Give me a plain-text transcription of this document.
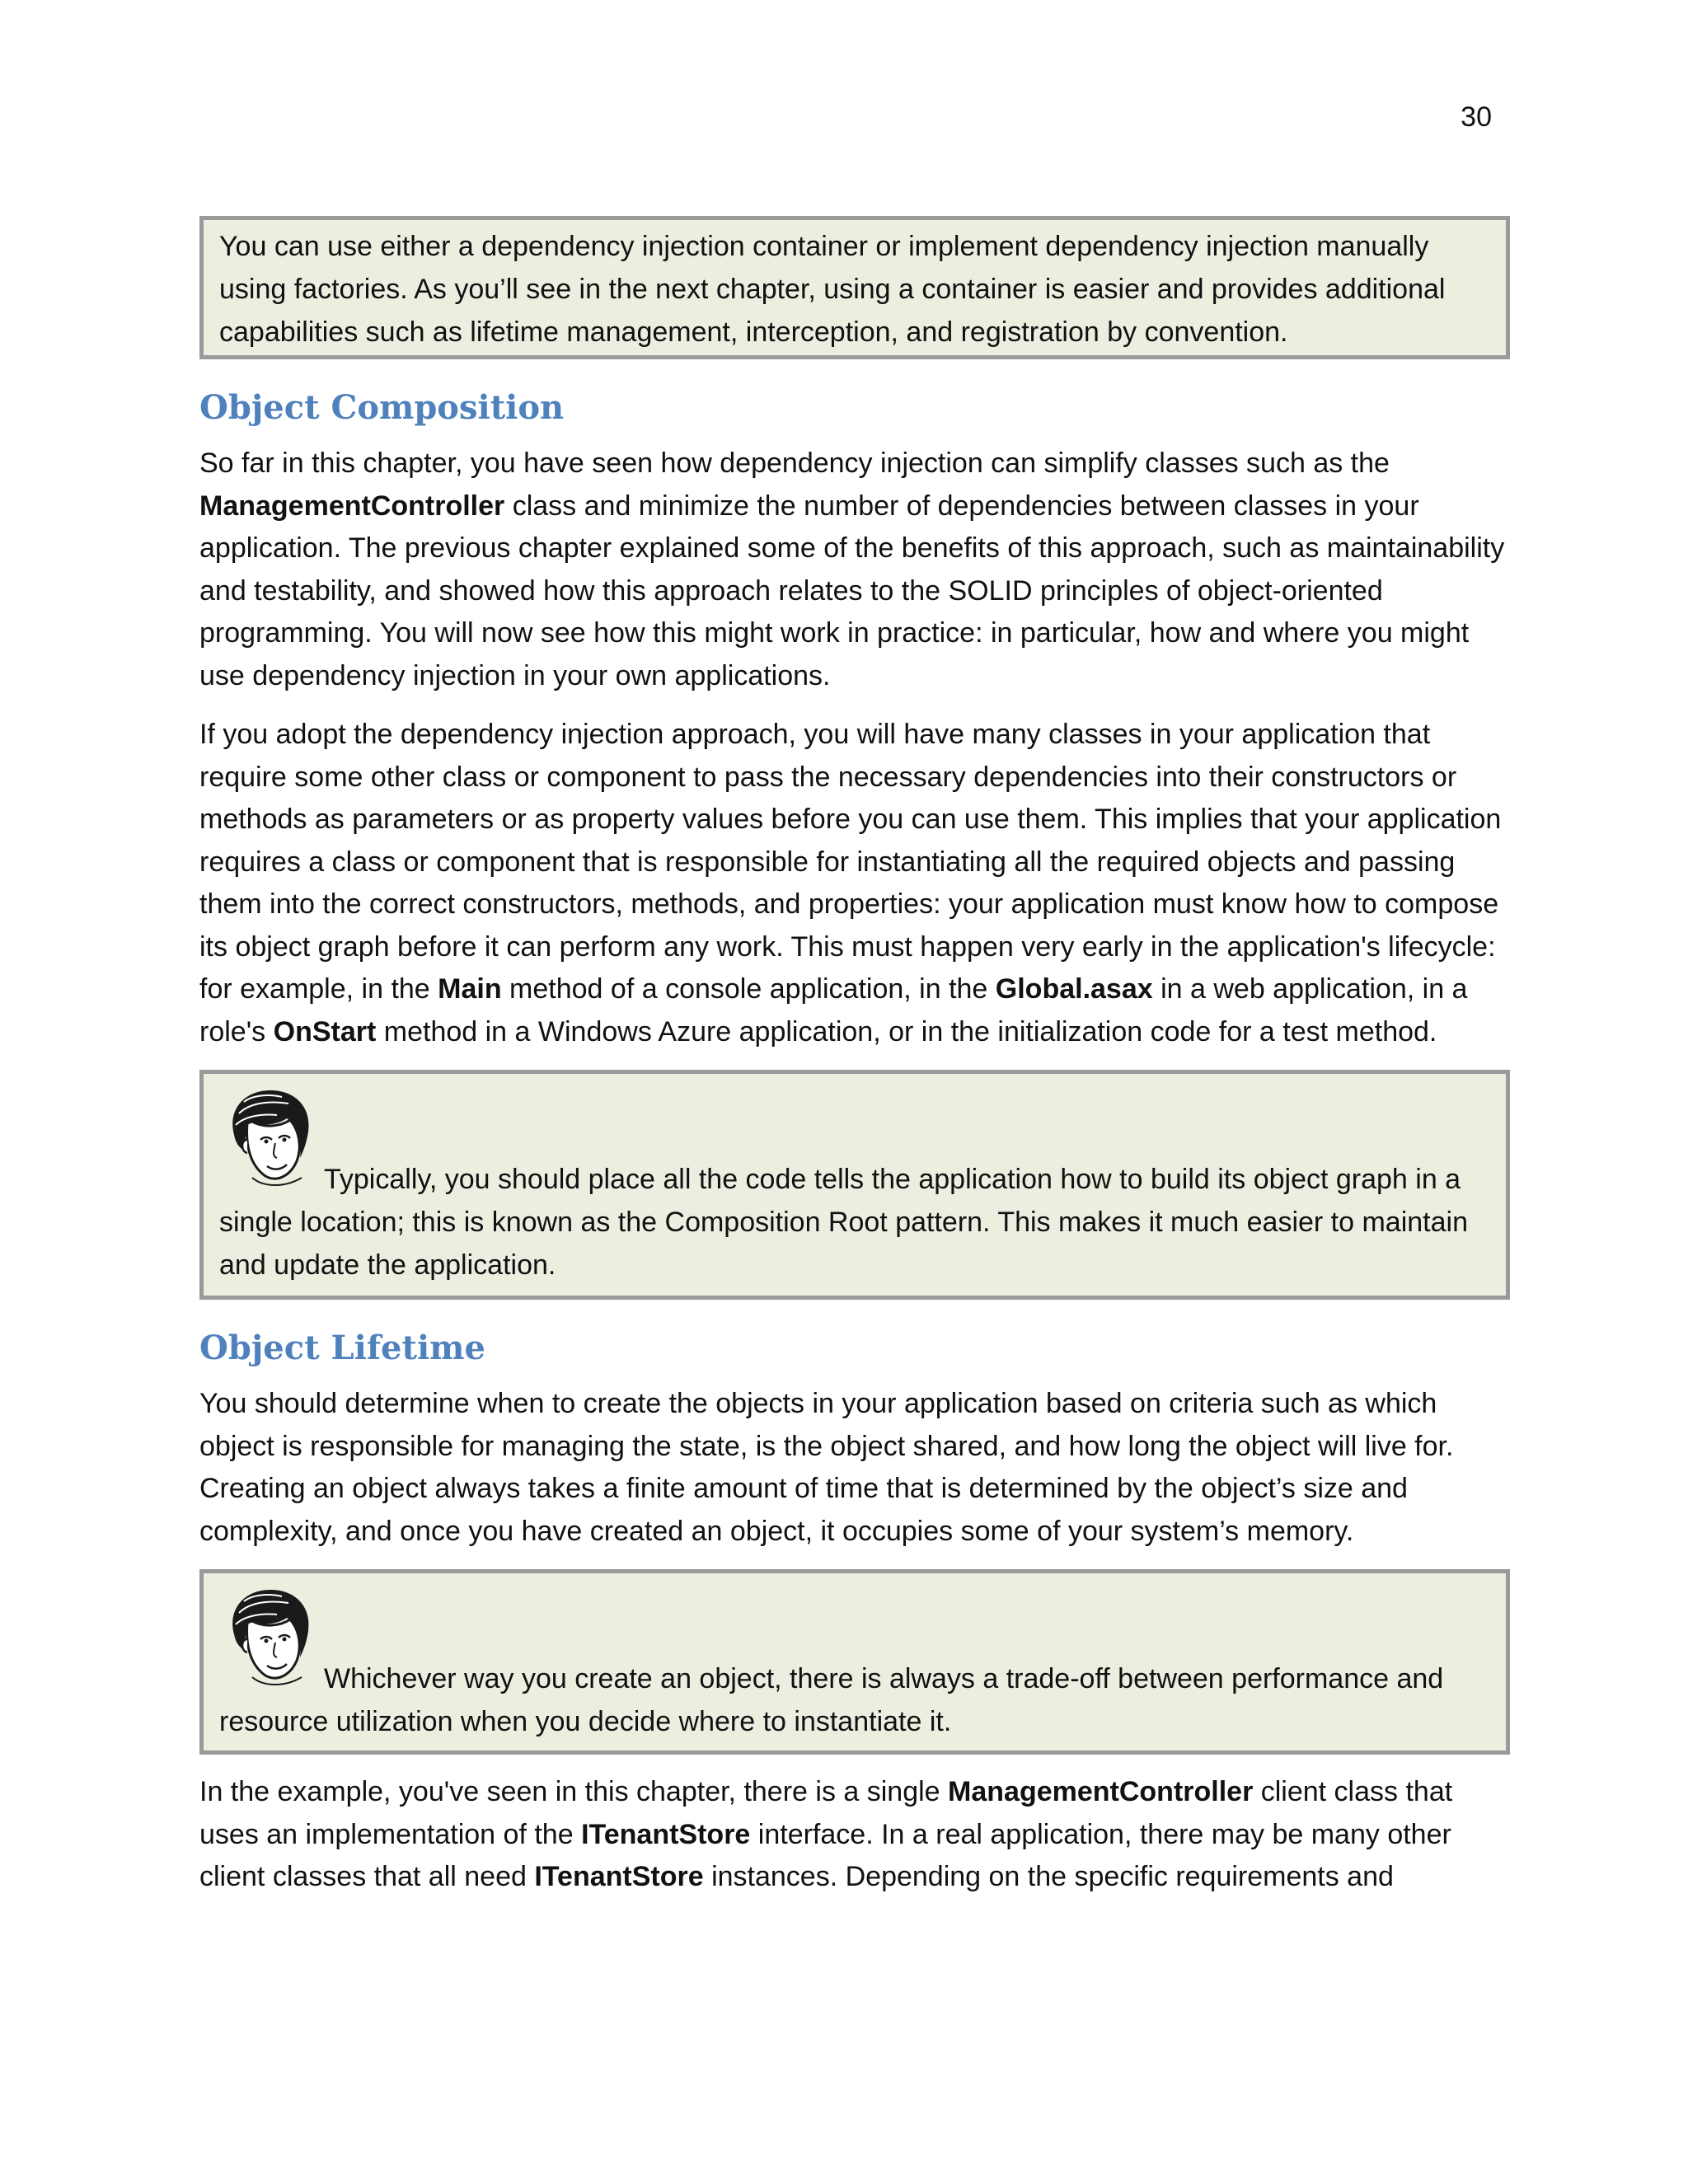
30

You can use either a dependency injection container or implement dependency injection manually using factories. As you’ll see in the next chapter, using a container is easier and provides additional capabilities such as lifetime management, interception, and registration by convention.

Object Composition

So far in this chapter, you have seen how dependency injection can simplify classes such as the ManagementController class and minimize the number of dependencies between classes in your application. The previous chapter explained some of the benefits of this approach, such as maintainability and testability, and showed how this approach relates to the SOLID principles of object-oriented programming. You will now see how this might work in practice: in particular, how and where you might use dependency injection in your own applications.

If you adopt the dependency injection approach, you will have many classes in your application that require some other class or component to pass the necessary dependencies into their constructors or methods as parameters or as property values before you can use them. This implies that your application requires a class or component that is responsible for instantiating all the required objects and passing them into the correct constructors, methods, and properties: your application must know how to compose its object graph before it can perform any work. This must happen very early in the application's lifecycle: for example, in the Main method of a console application, in the Global.asax in a web application, in a role's OnStart method in a Windows Azure application, or in the initialization code for a test method.

Typically, you should place all the code tells the application how to build its object graph in a single location; this is known as the Composition Root pattern. This makes it much easier to maintain and update the application.

Object Lifetime

You should determine when to create the objects in your application based on criteria such as which object is responsible for managing the state, is the object shared, and how long the object will live for. Creating an object always takes a finite amount of time that is determined by the object’s size and complexity, and once you have created an object, it occupies some of your system’s memory.

Whichever way you create an object, there is always a trade-off between performance and resource utilization when you decide where to instantiate it.

In the example, you've seen in this chapter, there is a single ManagementController client class that uses an implementation of the ITenantStore interface. In a real application, there may be many other client classes that all need ITenantStore instances. Depending on the specific requirements and
